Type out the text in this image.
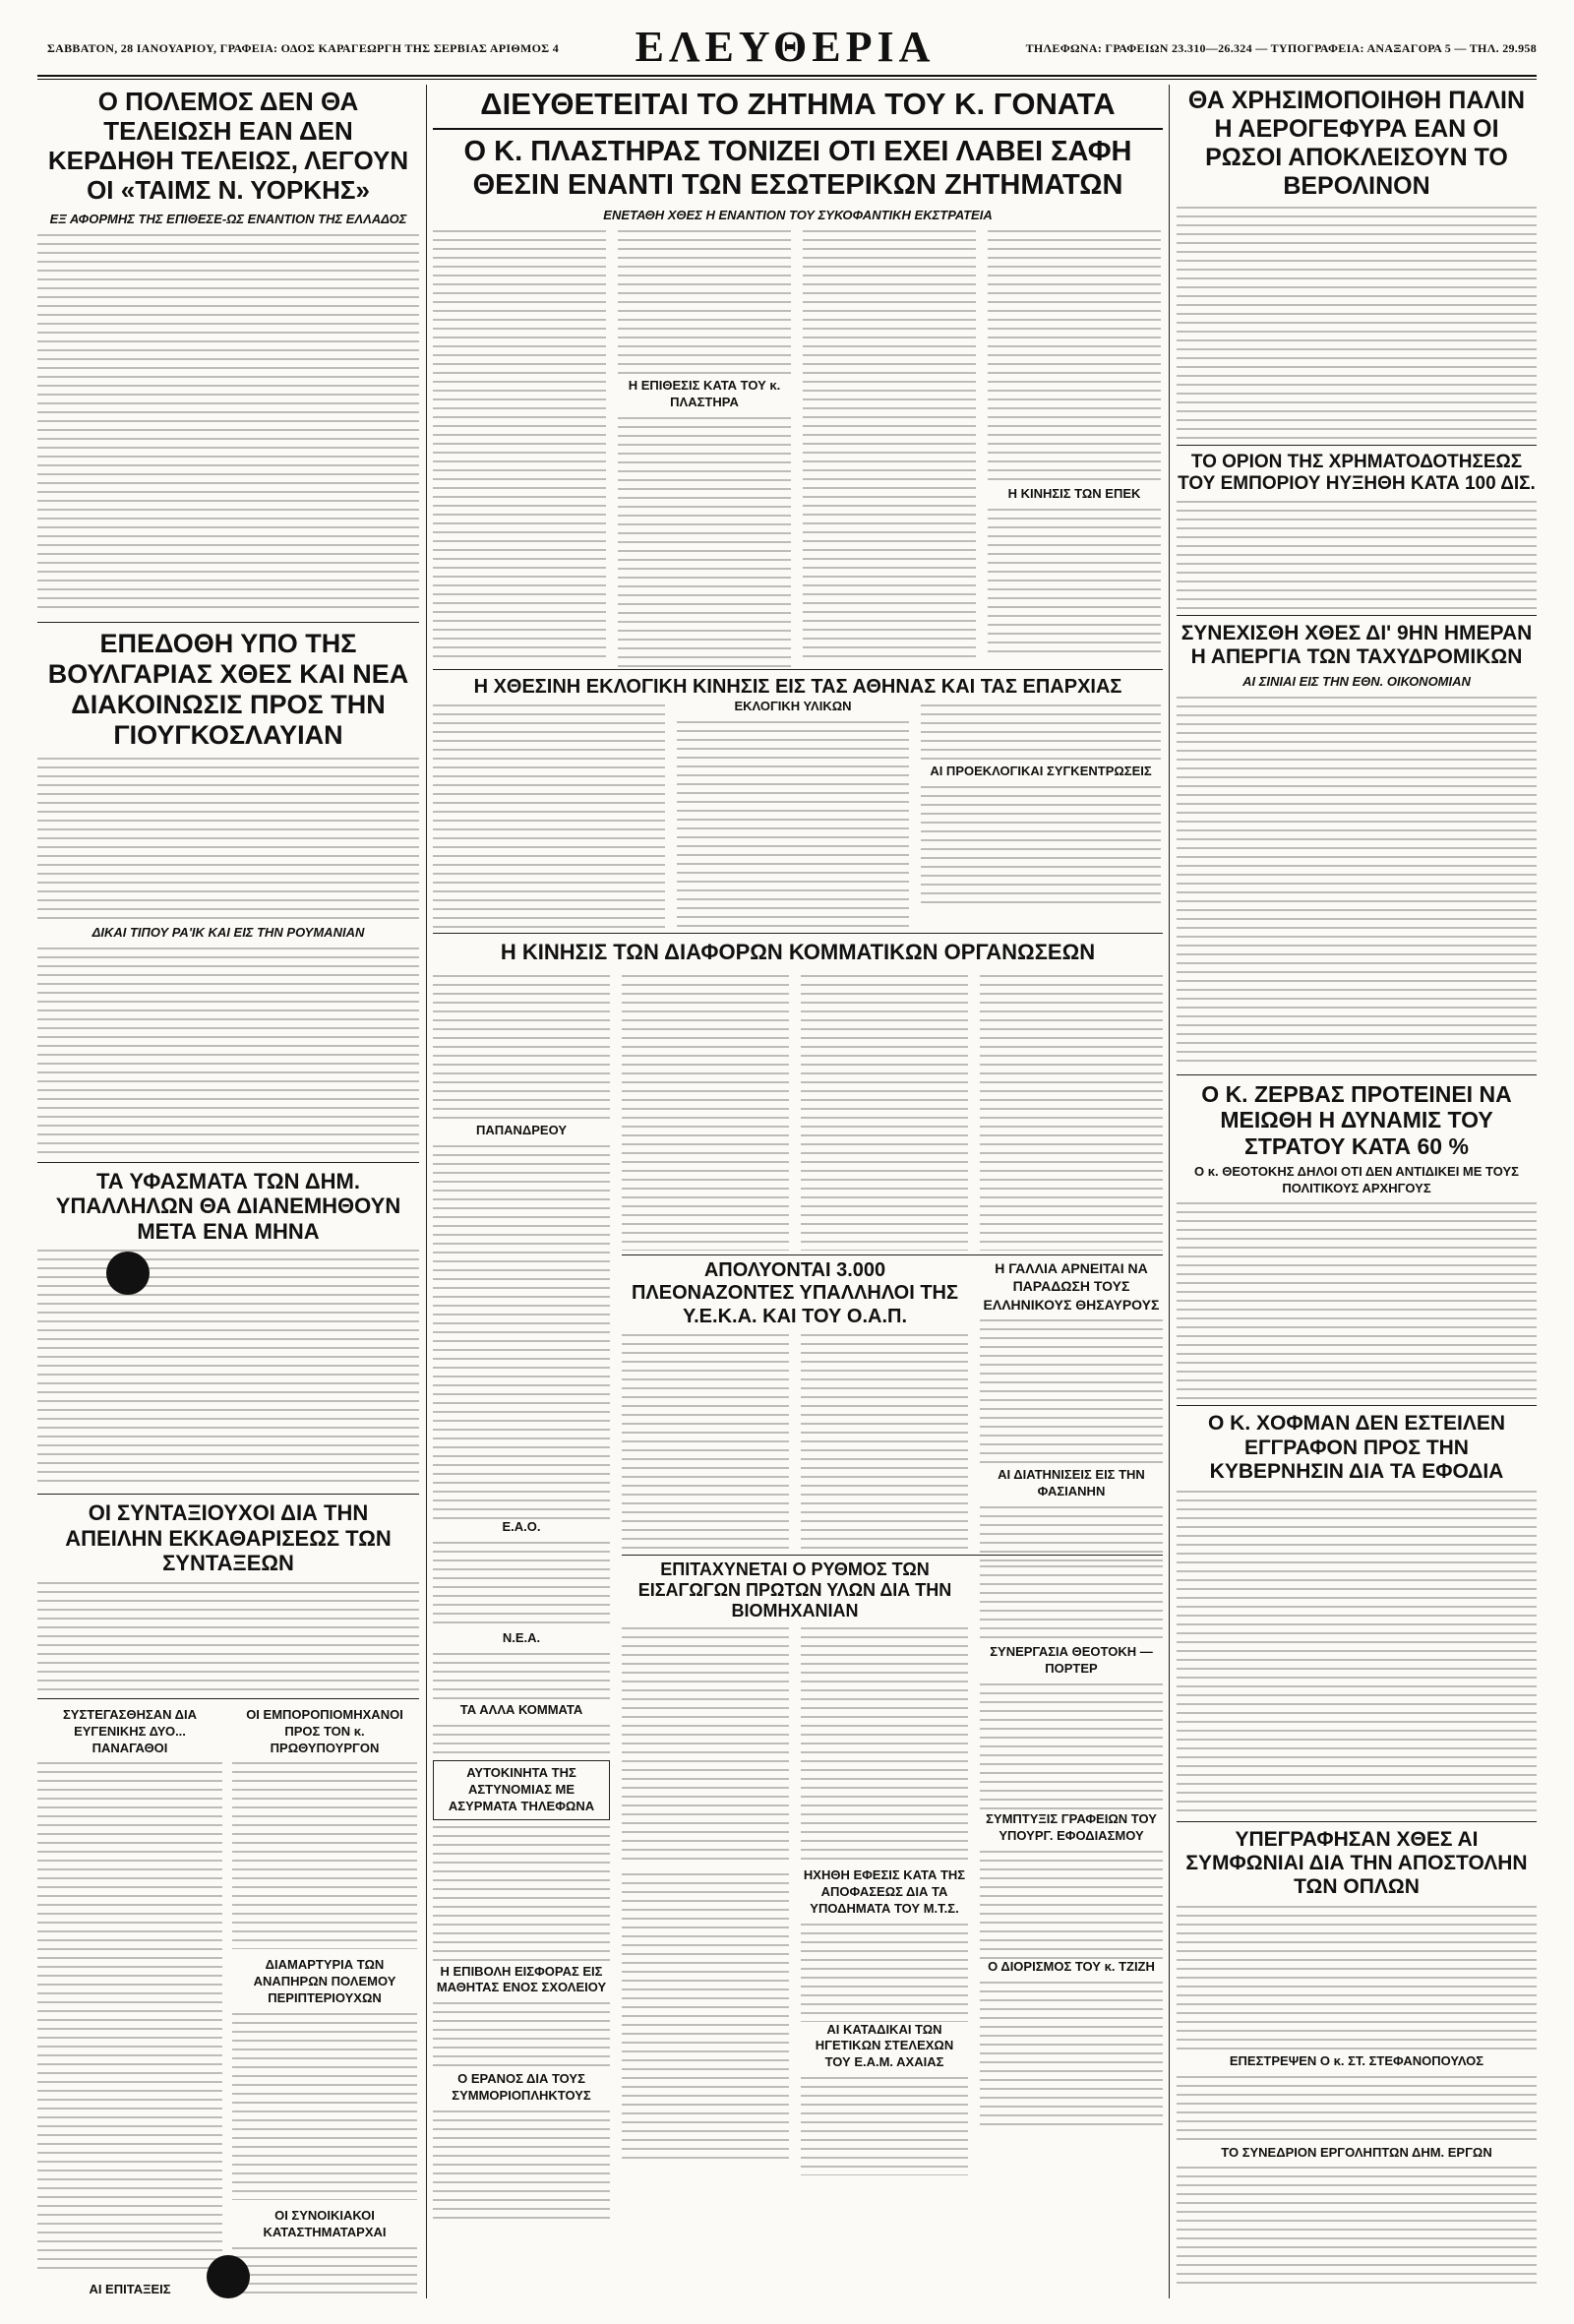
ΣΑΒΒΑΤΟΝ, 28 ΙΑΝΟΥΑΡΙΟΥ, ΓΡΑΦΕΙΑ: ΟΔΟΣ ΚΑΡΑΓΕΩΡΓΗ ΤΗΣ ΣΕΡΒΙΑΣ ΑΡΙΘΜΟΣ 4	ΤΗΛΕΦΩΝΑ: ΓΡΑΦΕΙΩΝ 23.310—26.324 — ΤΥΠΟΓΡΑΦΕΙΑ: ΑΝΑΞΑΓΟΡΑ 5 — ΤΗΛ. 29.958
ΕΛΕΥΘΕΡΙΑ
Ο ΠΟΛΕΜΟΣ ΔΕΝ ΘΑ ΤΕΛΕΙΩΣΗ ΕΑΝ ΔΕΝ ΚΕΡΔΗΘΗ ΤΕΛΕΙΩΣ, ΛΕΓΟΥΝ ΟΙ «ΤΑΙΜΣ Ν. ΥΟΡΚΗΣ»
ΕΞ ΑΦΟΡΜΗΣ ΤΗΣ ΕΠΙΘΕΣΕ-ΩΣ ΕΝΑΝΤΙΟΝ ΤΗΣ ΕΛΛΑΔΟΣ
ΕΠΕΔΟΘΗ ΥΠΟ ΤΗΣ ΒΟΥΛΓΑΡΙΑΣ ΧΘΕΣ ΚΑΙ ΝΕΑ ΔΙΑΚΟΙΝΩΣΙΣ ΠΡΟΣ ΤΗΝ ΓΙΟΥΓΚΟΣΛΑΥΙΑΝ
ΔΙΚΑΙ ΤΙΠΟΥ ΡΑ'ΙΚ ΚΑΙ ΕΙΣ ΤΗΝ ΡΟΥΜΑΝΙΑΝ
ΤΑ ΥΦΑΣΜΑΤΑ ΤΩΝ ΔΗΜ. ΥΠΑΛΛΗΛΩΝ ΘΑ ΔΙΑΝΕΜΗΘΟΥΝ ΜΕΤΑ ΕΝΑ ΜΗΝΑ
ΟΙ ΣΥΝΤΑΞΙΟΥΧΟΙ ΔΙΑ ΤΗΝ ΑΠΕΙΛΗΝ ΕΚΚΑΘΑΡΙΣΕΩΣ ΤΩΝ ΣΥΝΤΑΞΕΩΝ
ΣΥΣΤΕΓΑΣΘΗΣΑΝ ΔΙΑ ΕΥΓΕΝΙΚΗΣ ΔΥΟ... ΠΑΝΑΓΑΘΟΙ
ΑΙ ΕΠΙΤΑΞΕΙΣ
ΟΙ ΕΜΠΟΡΟΠΙΟΜΗΧΑΝΟΙ ΠΡΟΣ ΤΟΝ κ. ΠΡΩΘΥΠΟΥΡΓΟΝ
ΔΙΑΜΑΡΤΥΡΙΑ ΤΩΝ ΑΝΑΠΗΡΩΝ ΠΟΛΕΜΟΥ ΠΕΡΙΠΤΕΡΙΟΥΧΩΝ
ΟΙ ΣΥΝΟΙΚΙΑΚΟΙ ΚΑΤΑΣΤΗΜΑΤΑΡΧΑΙ
ΔΙΕΥΘΕΤΕΙΤΑΙ ΤΟ ΖΗΤΗΜΑ ΤΟΥ Κ. ΓΟΝΑΤΑ
Ο Κ. ΠΛΑΣΤΗΡΑΣ ΤΟΝΙΖΕΙ ΟΤΙ ΕΧΕΙ ΛΑΒΕΙ ΣΑΦΗ ΘΕΣΙΝ ΕΝΑΝΤΙ ΤΩΝ ΕΣΩΤΕΡΙΚΩΝ ΖΗΤΗΜΑΤΩΝ
ΕΝΕΤΑΘΗ ΧΘΕΣ Η ΕΝΑΝΤΙΟΝ ΤΟΥ ΣΥΚΟΦΑΝΤΙΚΗ ΕΚΣΤΡΑΤΕΙΑ
Η ΕΠΙΘΕΣΙΣ ΚΑΤΑ ΤΟΥ κ. ΠΛΑΣΤΗΡΑ
Η ΚΙΝΗΣΙΣ ΤΩΝ ΕΠΕΚ
Η ΧΘΕΣΙΝΗ ΕΚΛΟΓΙΚΗ ΚΙΝΗΣΙΣ ΕΙΣ ΤΑΣ ΑΘΗΝΑΣ ΚΑΙ ΤΑΣ ΕΠΑΡΧΙΑΣ
ΕΚΛΟΓΙΚΗ ΥΛΙΚΩΝ
ΑΙ ΠΡΟΕΚΛΟΓΙΚΑΙ ΣΥΓΚΕΝΤΡΩΣΕΙΣ
Η ΚΙΝΗΣΙΣ ΤΩΝ ΔΙΑΦΟΡΩΝ ΚΟΜΜΑΤΙΚΩΝ ΟΡΓΑΝΩΣΕΩΝ
ΠΑΠΑΝΔΡΕΟΥ
Ε.Α.Ο.
Ν.Ε.Α.
ΤΑ ΑΛΛΑ ΚΟΜΜΑΤΑ
ΑΥΤΟΚΙΝΗΤΑ ΤΗΣ ΑΣΤΥΝΟΜΙΑΣ ΜΕ ΑΣΥΡΜΑΤΑ ΤΗΛΕΦΩΝΑ
Η ΕΠΙΒΟΛΗ ΕΙΣΦΟΡΑΣ ΕΙΣ ΜΑΘΗΤΑΣ ΕΝΟΣ ΣΧΟΛΕΙΟΥ
Ο ΕΡΑΝΟΣ ΔΙΑ ΤΟΥΣ ΣΥΜΜΟΡΙΟΠΛΗΚΤΟΥΣ
ΑΠΟΛΥΟΝΤΑΙ 3.000 ΠΛΕΟΝΑΖΟΝΤΕΣ ΥΠΑΛΛΗΛΟΙ ΤΗΣ Υ.Ε.Κ.Α. ΚΑΙ ΤΟΥ Ο.Α.Π.
Η ΓΑΛΛΙΑ ΑΡΝΕΙΤΑΙ ΝΑ ΠΑΡΑΔΩΣΗ ΤΟΥΣ ΕΛΛΗΝΙΚΟΥΣ ΘΗΣΑΥΡΟΥΣ
ΑΙ ΔΙΑΤΗΝΙΣΕΙΣ ΕΙΣ ΤΗΝ ΦΑΣΙΑΝΗΝ
ΕΠΙΤΑΧΥΝΕΤΑΙ Ο ΡΥΘΜΟΣ ΤΩΝ ΕΙΣΑΓΩΓΩΝ ΠΡΩΤΩΝ ΥΛΩΝ ΔΙΑ ΤΗΝ ΒΙΟΜΗΧΑΝΙΑΝ
ΗΧΗΘΗ ΕΦΕΣΙΣ ΚΑΤΑ ΤΗΣ ΑΠΟΦΑΣΕΩΣ ΔΙΑ ΤΑ ΥΠΟΔΗΜΑΤΑ ΤΟΥ Μ.Τ.Σ.
ΑΙ ΚΑΤΑΔΙΚΑΙ ΤΩΝ ΗΓΕΤΙΚΩΝ ΣΤΕΛΕΧΩΝ ΤΟΥ Ε.Α.Μ. ΑΧΑΙΑΣ
ΣΥΝΕΡΓΑΣΙΑ ΘΕΟΤΟΚΗ — ΠΟΡΤΕΡ
ΣΥΜΠΤΥΞΙΣ ΓΡΑΦΕΙΩΝ ΤΟΥ ΥΠΟΥΡΓ. ΕΦΟΔΙΑΣΜΟΥ
Ο ΔΙΟΡΙΣΜΟΣ ΤΟΥ κ. ΤΖΙΖΗ
ΘΑ ΧΡΗΣΙΜΟΠΟΙΗΘΗ ΠΑΛΙΝ Η ΑΕΡΟΓΕΦΥΡΑ ΕΑΝ ΟΙ ΡΩΣΟΙ ΑΠΟΚΛΕΙΣΟΥΝ ΤΟ ΒΕΡΟΛΙΝΟΝ
ΤΟ ΟΡΙΟΝ ΤΗΣ ΧΡΗΜΑΤΟΔΟΤΗΣΕΩΣ ΤΟΥ ΕΜΠΟΡΙΟΥ ΗΥΞΗΘΗ ΚΑΤΑ 100 ΔΙΣ.
ΣΥΝΕΧΙΣΘΗ ΧΘΕΣ ΔΙ' 9ΗΝ ΗΜΕΡΑΝ Η ΑΠΕΡΓΙΑ ΤΩΝ ΤΑΧΥΔΡΟΜΙΚΩΝ
ΑΙ ΣΙΝΙΑΙ ΕΙΣ ΤΗΝ ΕΘΝ. ΟΙΚΟΝΟΜΙΑΝ
Ο Κ. ΖΕΡΒΑΣ ΠΡΟΤΕΙΝΕΙ ΝΑ ΜΕΙΩΘΗ Η ΔΥΝΑΜΙΣ ΤΟΥ ΣΤΡΑΤΟΥ ΚΑΤΑ 60 %
Ο κ. ΘΕΟΤΟΚΗΣ ΔΗΛΟΙ ΟΤΙ ΔΕΝ ΑΝΤΙΔΙΚΕΙ ΜΕ ΤΟΥΣ ΠΟΛΙΤΙΚΟΥΣ ΑΡΧΗΓΟΥΣ
Ο Κ. ΧΟΦΜΑΝ ΔΕΝ ΕΣΤΕΙΛΕΝ ΕΓΓΡΑΦΟΝ ΠΡΟΣ ΤΗΝ ΚΥΒΕΡΝΗΣΙΝ ΔΙΑ ΤΑ ΕΦΟΔΙΑ
ΥΠΕΓΡΑΦΗΣΑΝ ΧΘΕΣ ΑΙ ΣΥΜΦΩΝΙΑΙ ΔΙΑ ΤΗΝ ΑΠΟΣΤΟΛΗΝ ΤΩΝ ΟΠΛΩΝ
ΕΠΕΣΤΡΕΨΕΝ Ο κ. ΣΤ. ΣΤΕΦΑΝΟΠΟΥΛΟΣ
ΤΟ ΣΥΝΕΔΡΙΟΝ ΕΡΓΟΛΗΠΤΩΝ ΔΗΜ. ΕΡΓΩΝ
